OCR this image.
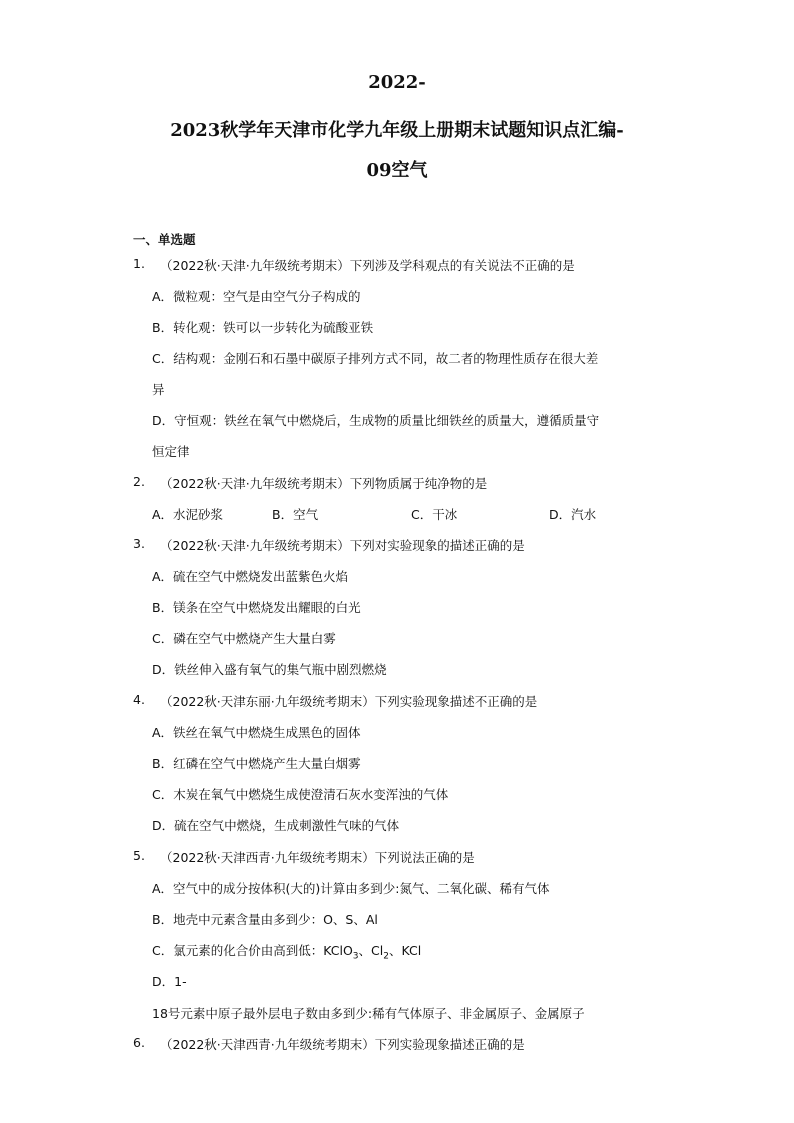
2022-
2023秋学年天津市化学九年级上册期末试题知识点汇编-
09空气
一、单选题
1. （2022秋·天津·九年级统考期末）下列涉及学科观点的有关说法不正确的是
A．微粒观：空气是由空气分子构成的
B．转化观：铁可以一步转化为硫酸亚铁
C．结构观：金刚石和石墨中碳原子排列方式不同，故二者的物理性质存在很大差
异
D．守恒观：铁丝在氧气中燃烧后，生成物的质量比细铁丝的质量大，遵循质量守
恒定律
2. （2022秋·天津·九年级统考期末）下列物质属于纯净物的是
A．水泥砂浆	B．空气	C．干冰	D．汽水
3. （2022秋·天津·九年级统考期末）下列对实验现象的描述正确的是
A．硫在空气中燃烧发出蓝紫色火焰
B．镁条在空气中燃烧发出耀眼的白光
C．磷在空气中燃烧产生大量白雾
D．铁丝伸入盛有氧气的集气瓶中剧烈燃烧
4. （2022秋·天津东丽·九年级统考期末）下列实验现象描述不正确的是
A．铁丝在氧气中燃烧生成黑色的固体
B．红磷在空气中燃烧产生大量白烟雾
C．木炭在氧气中燃烧生成使澄清石灰水变浑浊的气体
D．硫在空气中燃烧，生成刺激性气味的气体
5. （2022秋·天津西青·九年级统考期末）下列说法正确的是
A．空气中的成分按体积(大的)计算由多到少:氮气、二氧化碳、稀有气体
B．地壳中元素含量由多到少：O、S、Al
C．氯元素的化合价由高到低：KClO$_3$、$Cl_2$、KCl
D．1-
18号元素中原子最外层电子数由多到少:稀有气体原子、非金属原子、金属原子
6. （2022秋·天津西青·九年级统考期末）下列实验现象描述正确的是
